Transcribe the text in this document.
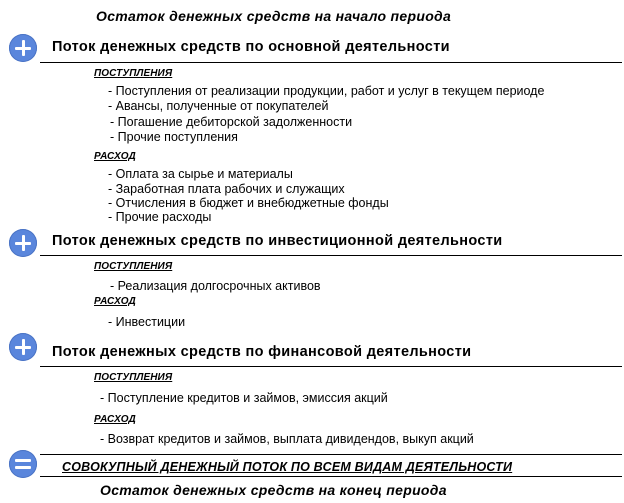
Остаток денежных средств на начало периода
Поток денежных средств по основной деятельности
ПОСТУПЛЕНИЯ
- Поступления от реализации продукции, работ и услуг в текущем периоде
- Авансы, полученные от покупателей
- Погашение дебиторской задолженности
- Прочие поступления
РАСХОД
- Оплата за сырье и материалы
- Заработная плата рабочих и служащих
- Отчисления в бюджет и внебюджетные фонды
- Прочие расходы
Поток денежных средств по инвестиционной деятельности
ПОСТУПЛЕНИЯ
- Реализация долгосрочных активов
РАСХОД
- Инвестиции
Поток денежных средств по финансовой деятельности
ПОСТУПЛЕНИЯ
- Поступление кредитов и займов, эмиссия акций
РАСХОД
- Возврат кредитов и займов, выплата дивидендов, выкуп акций
СОВОКУПНЫЙ ДЕНЕЖНЫЙ ПОТОК ПО ВСЕМ ВИДАМ ДЕЯТЕЛЬНОСТИ
Остаток денежных средств на конец периода
